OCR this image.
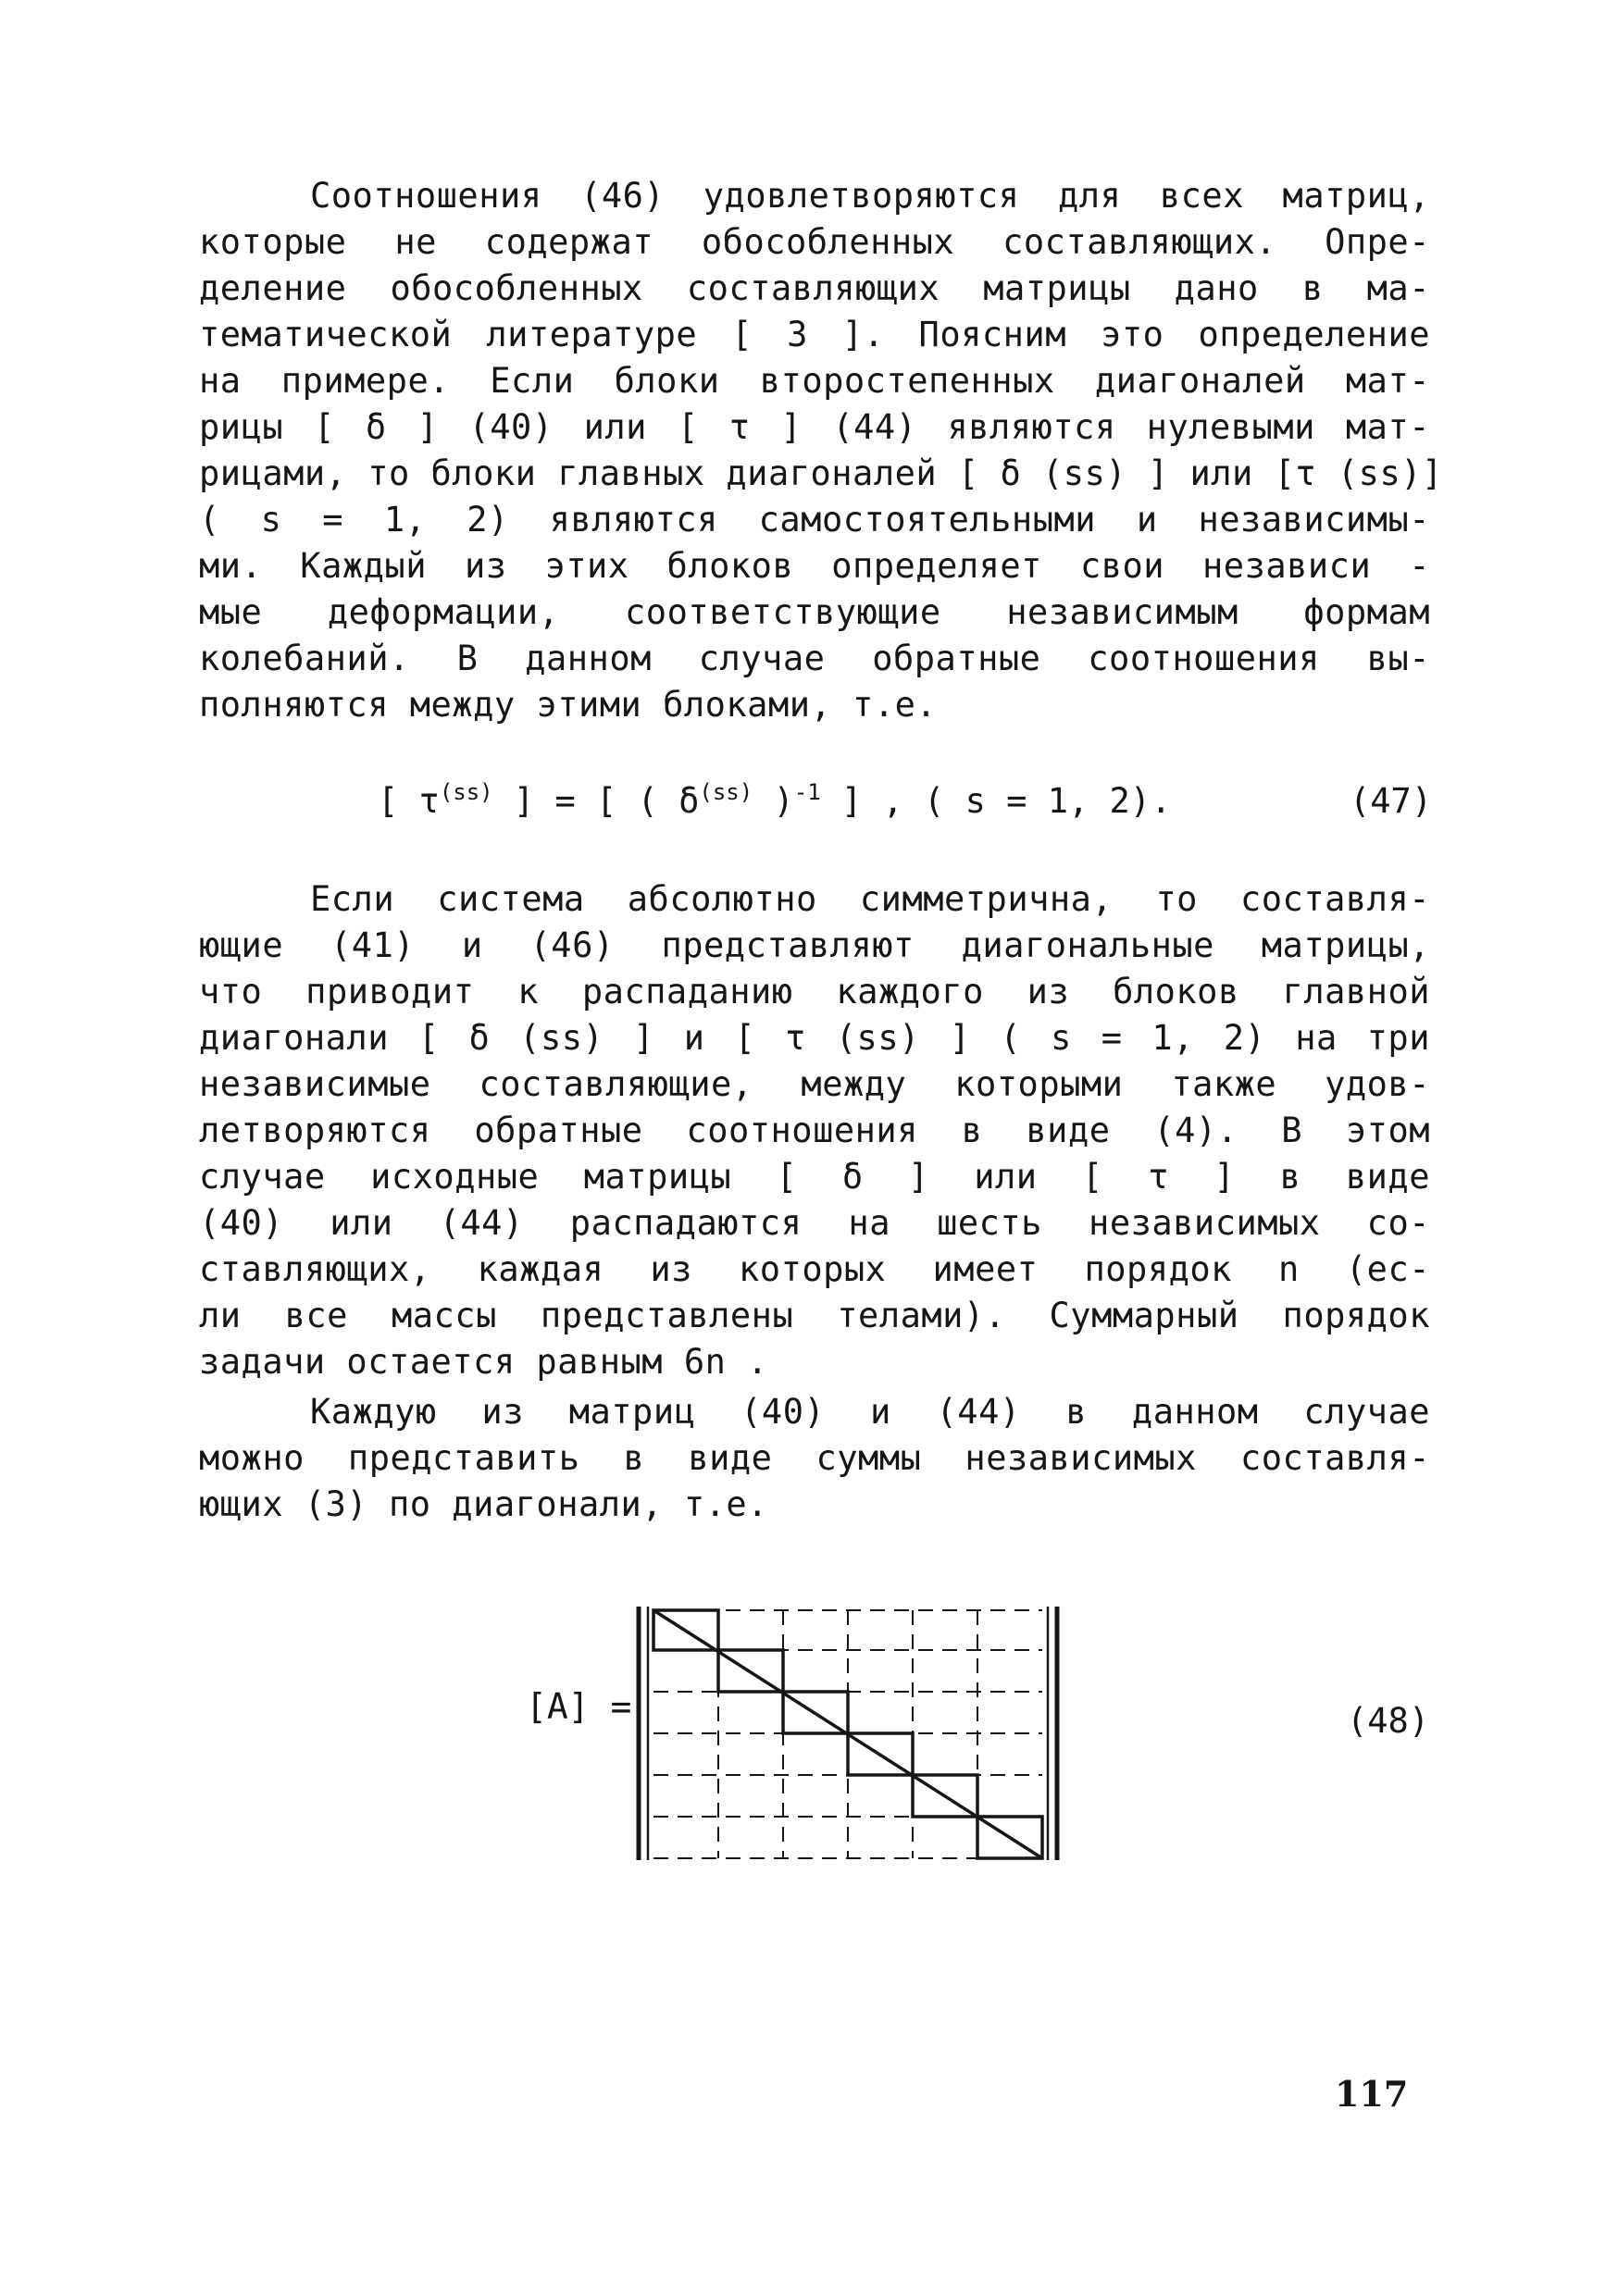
Соотношения (46) удовлетворяются для всех матриц,
которые не содержат обособленных составляющих. Опре-
деление обособленных составляющих матрицы дано в ма-
тематической литературе [ 3 ]. Поясним это определение
на примере. Если блоки второстепенных диагоналей мат-
рицы [ δ ] (40) или [ τ ] (44) являются нулевыми мат-
рицами, то блоки главных диагоналей [ δ (ss) ] или [τ (ss)]
( s = 1, 2) являются самостоятельными и независимы-
ми. Каждый из этих блоков определяет свои независи -
мые деформации, соответствующие независимым формам
колебаний. В данном случае обратные соотношения вы-
полняются между этими блоками, т.е.
[ $\tau^{(ss)}$ ] = [ ( $\delta^{(ss)}$ )$^{-1}$ ] , ( s = 1, 2).	(47)
Если система абсолютно симметрична, то составля-
ющие (41) и (46) представляют диагональные матрицы,
что приводит к распаданию каждого из блоков главной
диагонали [ δ (ss) ] и [ τ (ss) ] ( s = 1, 2) на три
независимые составляющие, между которыми также удов-
летворяются обратные соотношения в виде (4). В этом
случае исходные матрицы [ δ ] или [ τ ] в виде
(40) или (44) распадаются на шесть независимых со-
ставляющих, каждая из которых имеет порядок n (ес-
ли все массы представлены телами). Суммарный порядок
задачи остается равным 6n .
Каждую из матриц (40) и (44) в данном случае
можно представить в виде суммы независимых составля-
ющих (3) по диагонали, т.е.
[A] =	(48)
117
